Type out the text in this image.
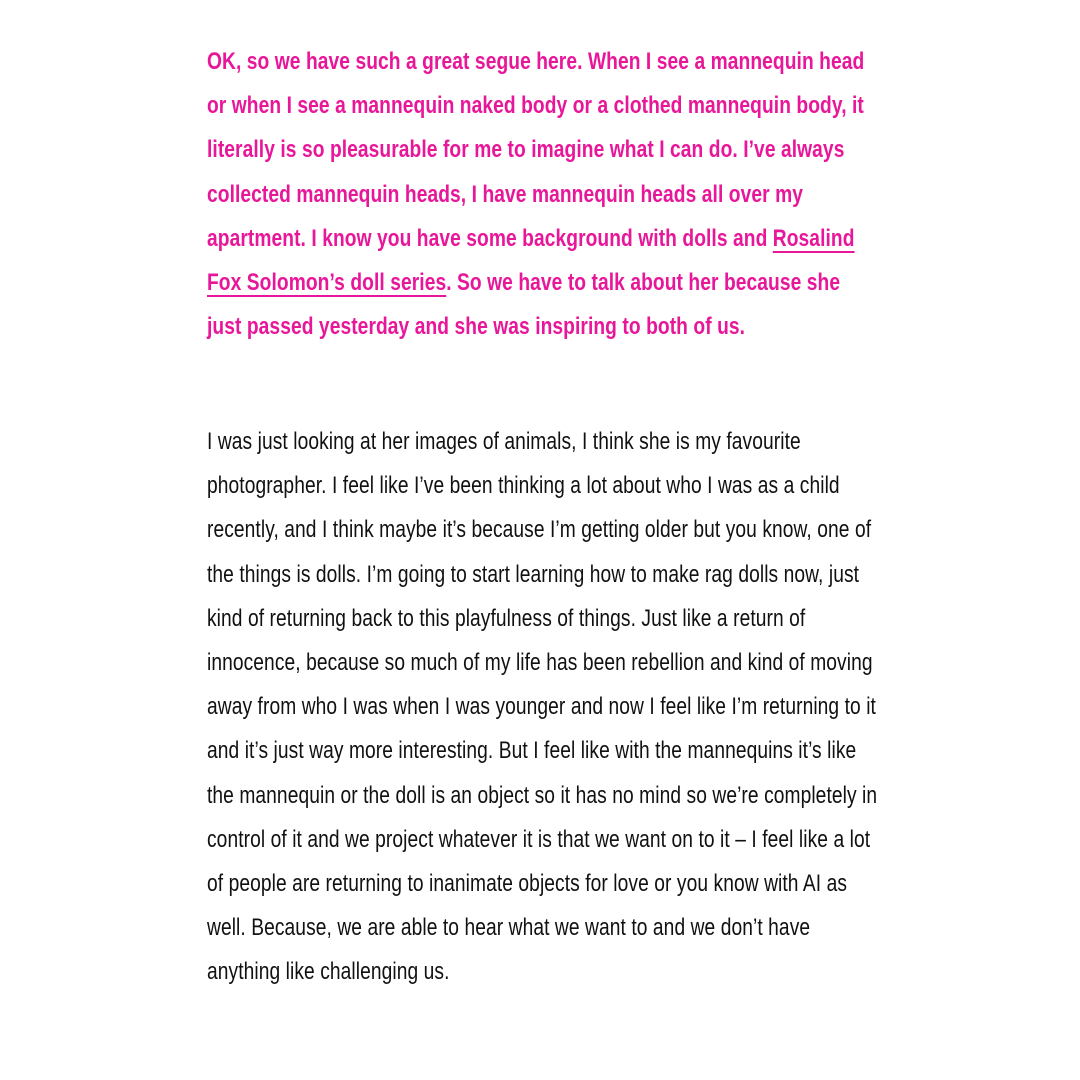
OK, so we have such a great segue here. When I see a mannequin head or when I see a mannequin naked body or a clothed mannequin body, it literally is so pleasurable for me to imagine what I can do. I’ve always collected mannequin heads, I have mannequin heads all over my apartment. I know you have some background with dolls and Rosalind Fox Solomon’s doll series. So we have to talk about her because she just passed yesterday and she was inspiring to both of us.

I was just looking at her images of animals, I think she is my favourite photographer. I feel like I’ve been thinking a lot about who I was as a child recently, and I think maybe it’s because I’m getting older but you know, one of the things is dolls. I’m going to start learning how to make rag dolls now, just kind of returning back to this playfulness of things. Just like a return of innocence, because so much of my life has been rebellion and kind of moving away from who I was when I was younger and now I feel like I’m returning to it and it’s just way more interesting. But I feel like with the mannequins it’s like the mannequin or the doll is an object so it has no mind so we’re completely in control of it and we project whatever it is that we want on to it – I feel like a lot of people are returning to inanimate objects for love or you know with AI as well. Because, we are able to hear what we want to and we don’t have anything like challenging us.
